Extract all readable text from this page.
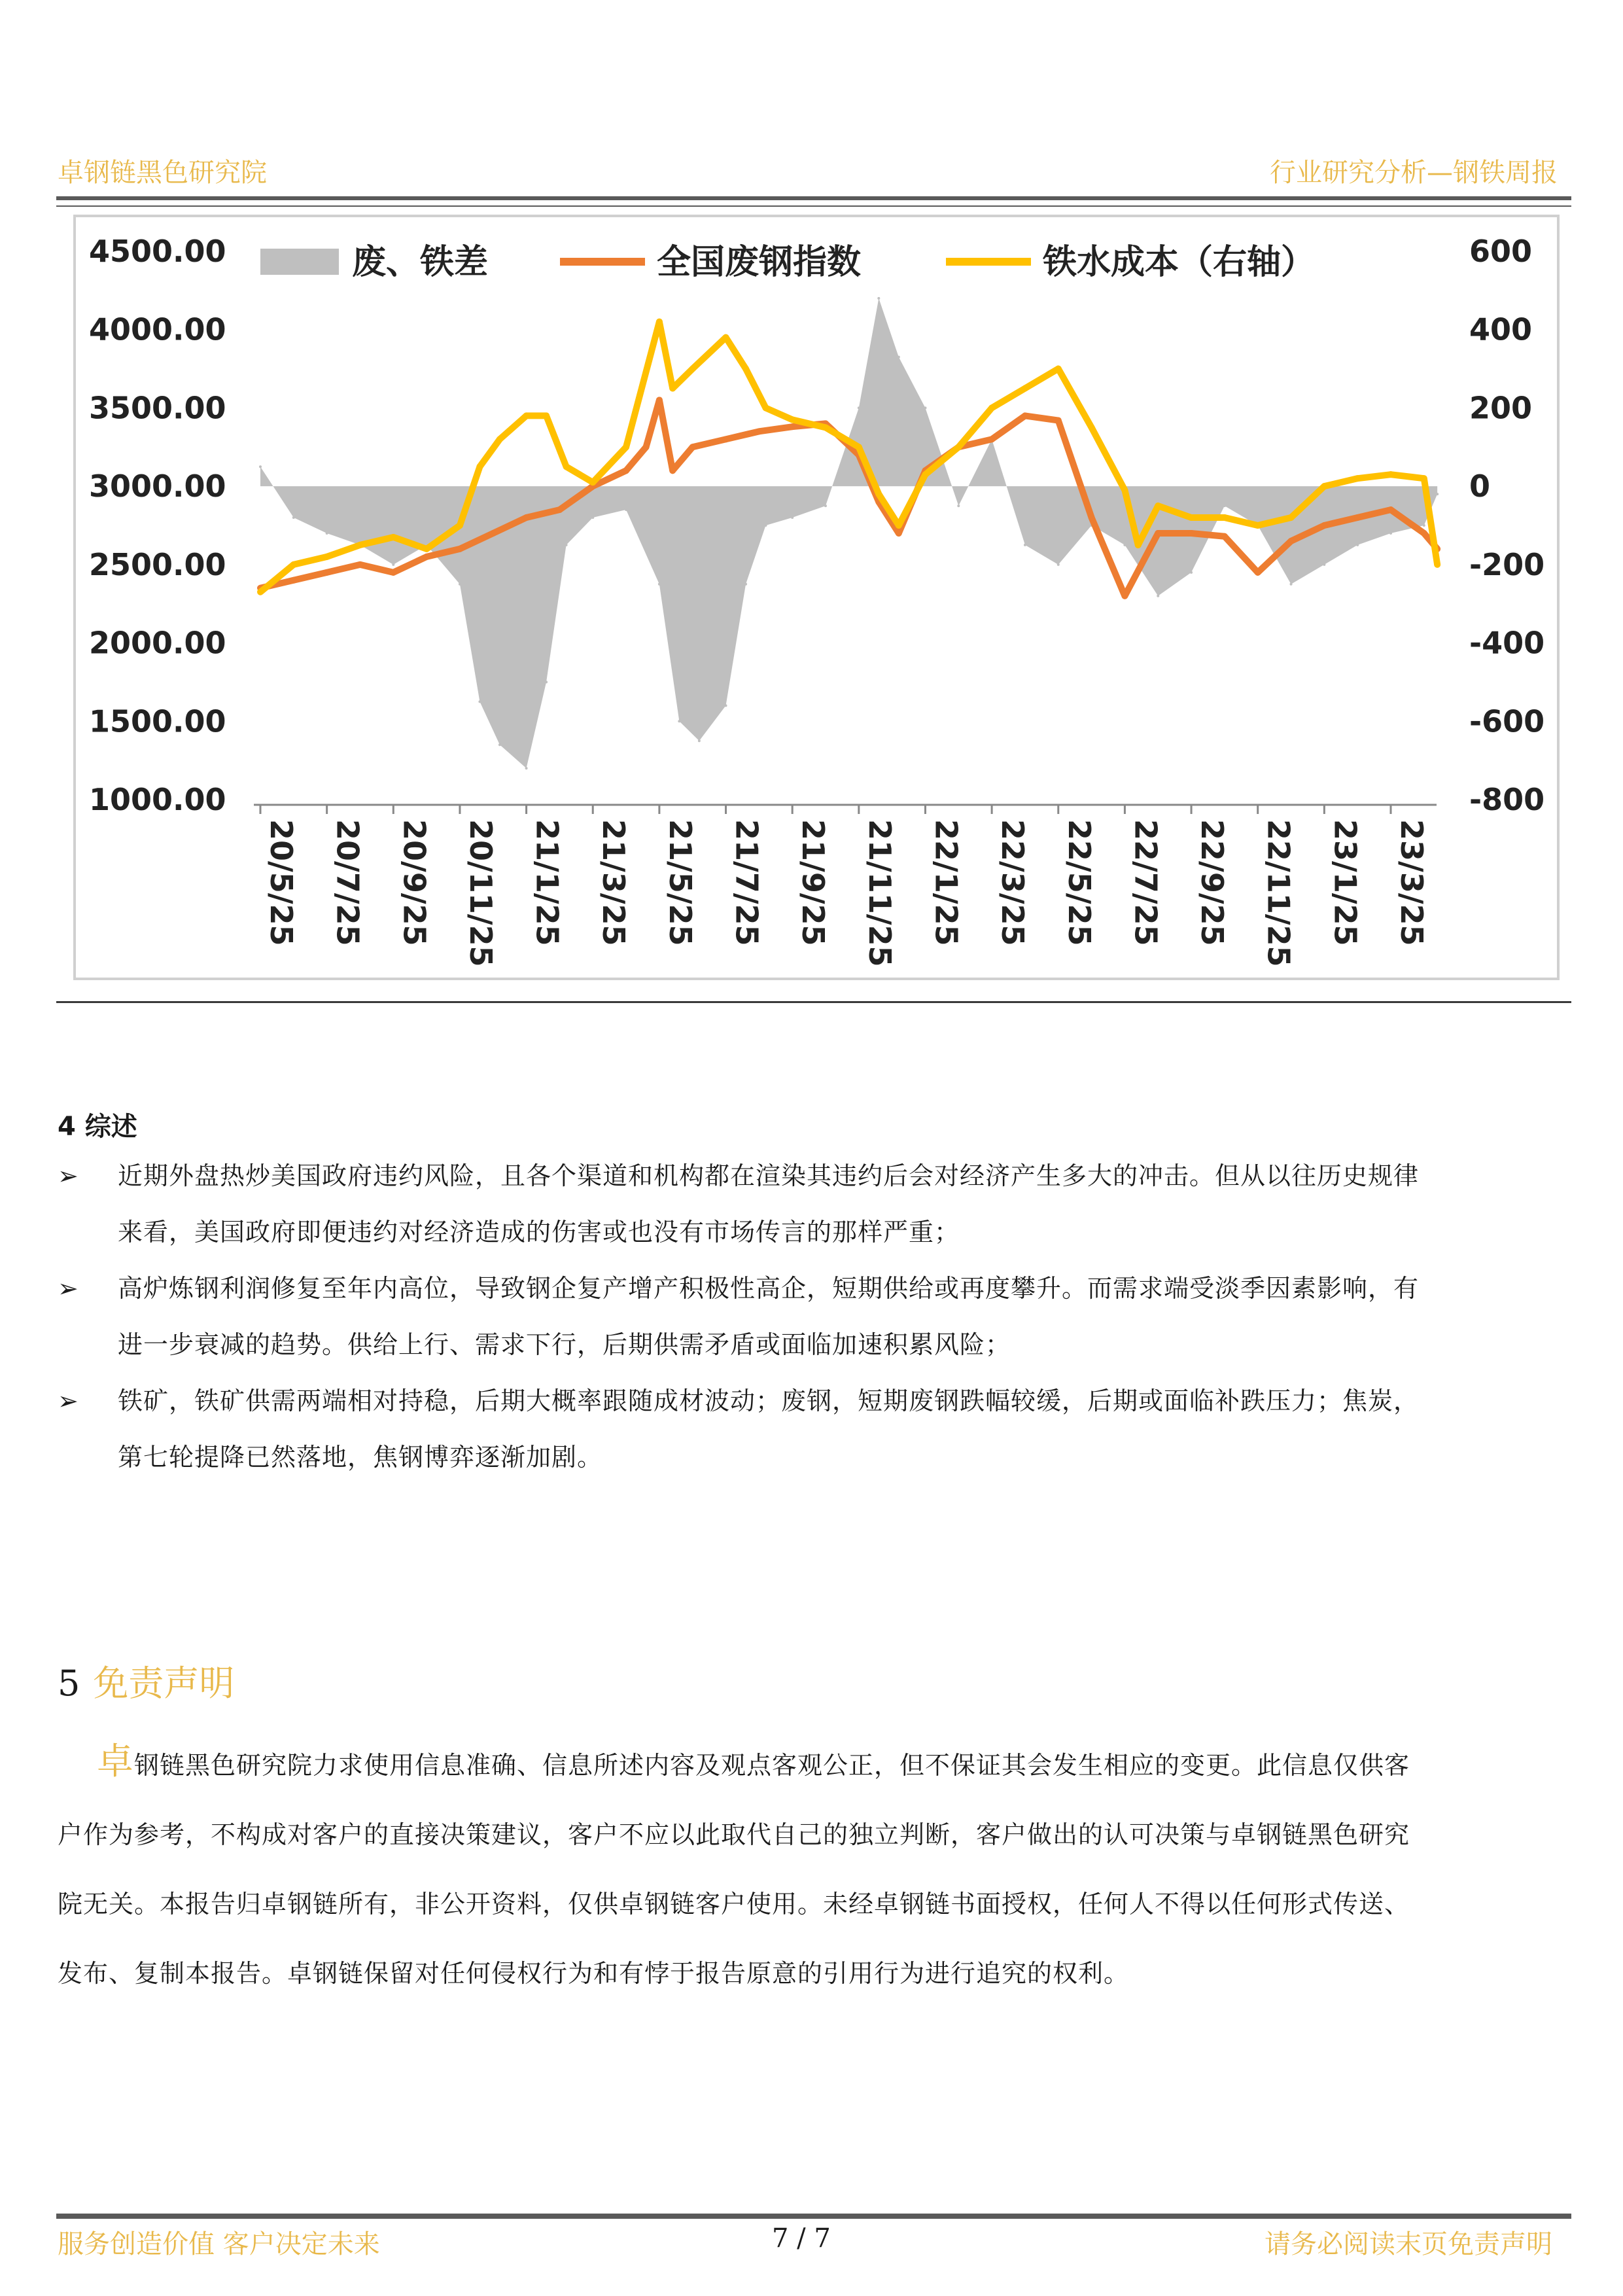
卓钢链黑色研究院	行业研究分析—钢铁周报
4500.00
4000.00
3500.00
3000.00
2500.00
2000.00
1500.00
1000.00
600
400
200
0
-200
-400
-600
-800
20/5/25 20/7/25 20/9/25 20/11/25 21/1/25 21/3/25 21/5/25 21/7/25 21/9/25 21/11/25 22/1/25 22/3/25 22/5/25 22/7/25 22/9/25 22/11/25 23/1/25 23/3/25
废、铁差	全国废钢指数	铁水成本（右轴）
4 综述
➢ 近期外盘热炒美国政府违约风险，且各个渠道和机构都在渲染其违约后会对经济产生多大的冲击。但从以往历史规律
来看，美国政府即便违约对经济造成的伤害或也没有市场传言的那样严重；
➢ 高炉炼钢利润修复至年内高位，导致钢企复产增产积极性高企，短期供给或再度攀升。而需求端受淡季因素影响，有
进一步衰减的趋势。供给上行、需求下行，后期供需矛盾或面临加速积累风险；
➢ 铁矿，铁矿供需两端相对持稳，后期大概率跟随成材波动；废钢，短期废钢跌幅较缓，后期或面临补跌压力；焦炭，
第七轮提降已然落地，焦钢博弈逐渐加剧。
5 免责声明
卓钢链黑色研究院力求使用信息准确、信息所述内容及观点客观公正，但不保证其会发生相应的变更。此信息仅供客
户作为参考，不构成对客户的直接决策建议，客户不应以此取代自己的独立判断，客户做出的认可决策与卓钢链黑色研究
院无关。本报告归卓钢链所有，非公开资料，仅供卓钢链客户使用。未经卓钢链书面授权，任何人不得以任何形式传送、
发布、复制本报告。卓钢链保留对任何侵权行为和有悖于报告原意的引用行为进行追究的权利。
服务创造价值 客户决定未来	7 / 7	请务必阅读末页免责声明
